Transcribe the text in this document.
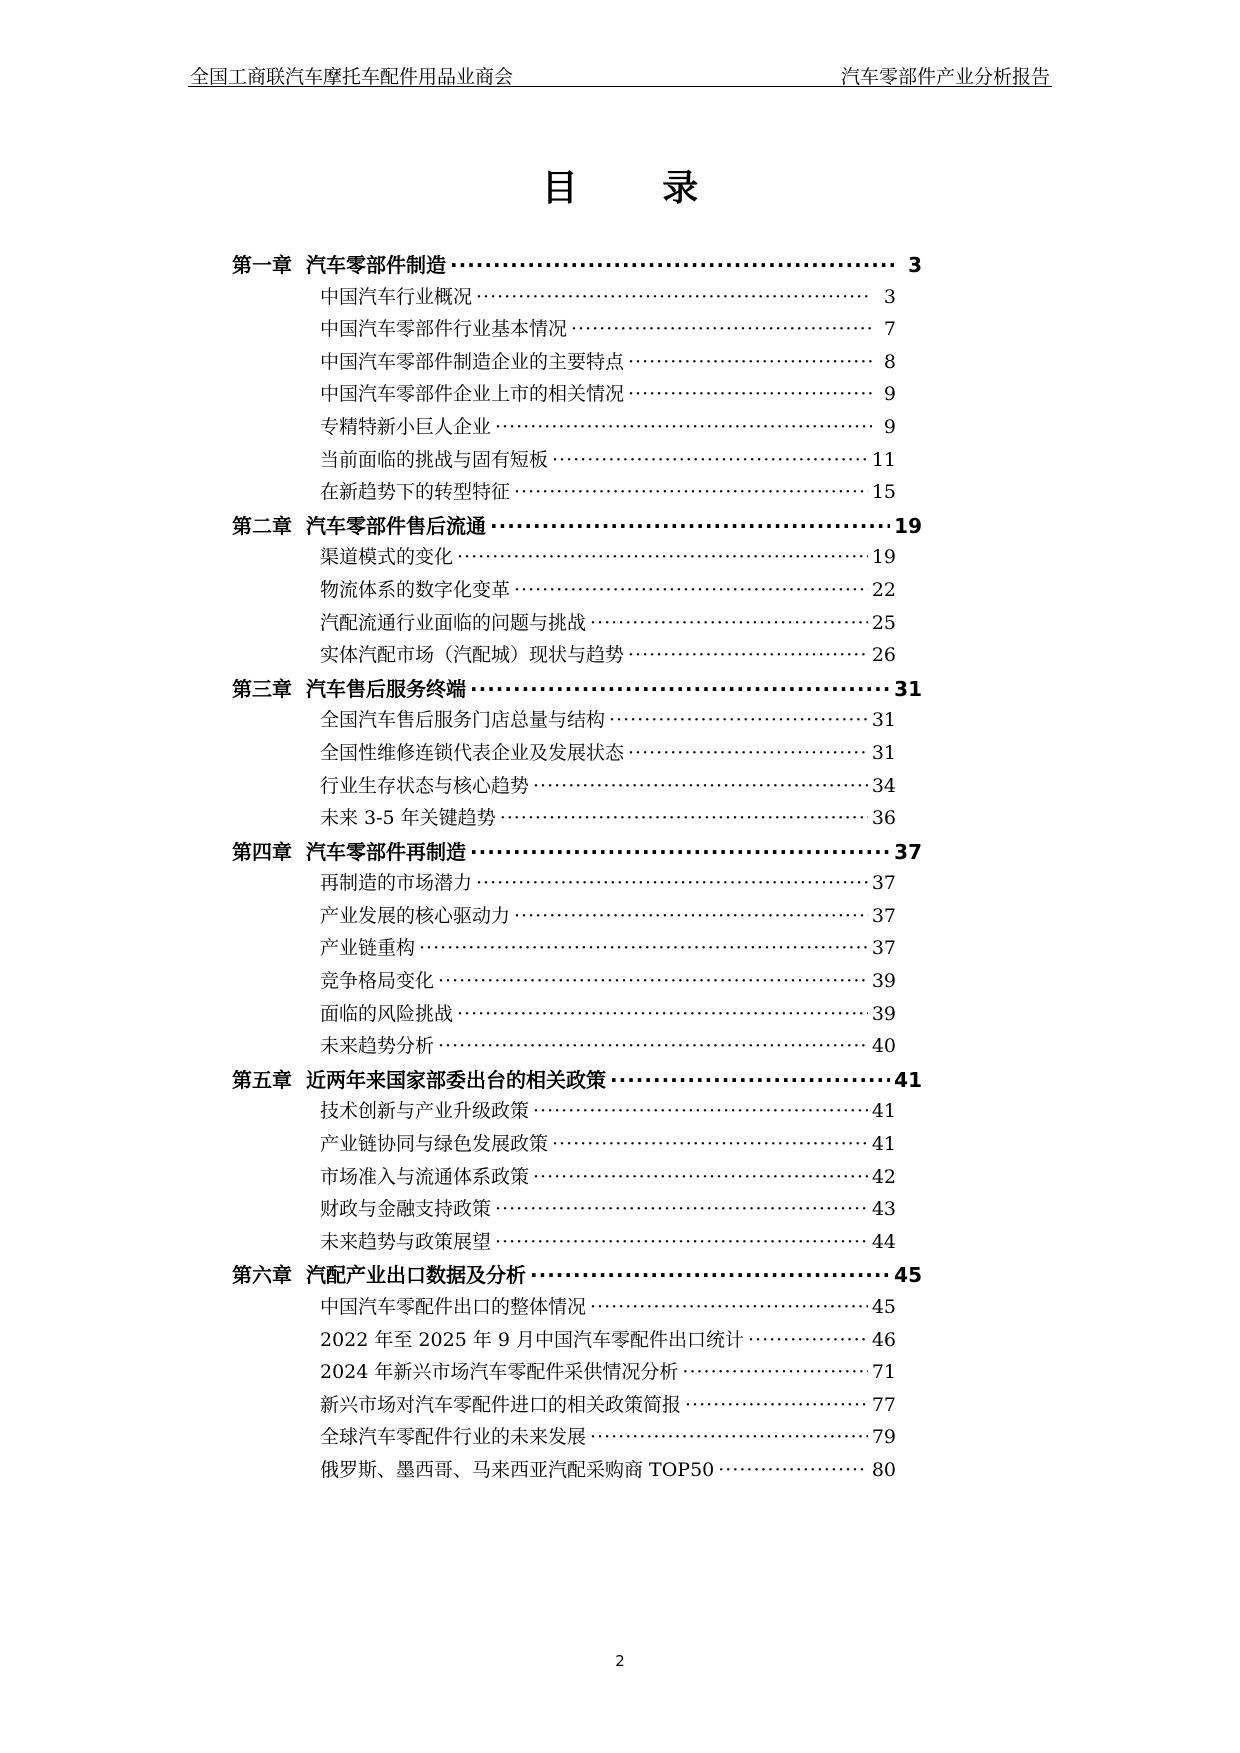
全国工商联汽车摩托车配件用品业商会	汽车零部件产业分析报告
目 录
第一章 汽车零部件制造 ·····	3
中国汽车行业概况 ·····	3
中国汽车零部件行业基本情况 ·····	7
中国汽车零部件制造企业的主要特点 ·····	8
中国汽车零部件企业上市的相关情况 ·····	9
专精特新小巨人企业 ·····	9
当前面临的挑战与固有短板 ·····	11
在新趋势下的转型特征 ·····	15
第二章 汽车零部件售后流通 ·····	19
渠道模式的变化 ·····	19
物流体系的数字化变革 ·····	22
汽配流通行业面临的问题与挑战 ·····	25
实体汽配市场（汽配城）现状与趋势 ·····	26
第三章 汽车售后服务终端 ·····	31
全国汽车售后服务门店总量与结构 ·····	31
全国性维修连锁代表企业及发展状态 ·····	31
行业生存状态与核心趋势 ·····	34
未来 3-5 年关键趋势 ·····	36
第四章 汽车零部件再制造 ·····	37
再制造的市场潜力 ·····	37
产业发展的核心驱动力 ·····	37
产业链重构 ·····	37
竞争格局变化 ·····	39
面临的风险挑战 ·····	39
未来趋势分析 ·····	40
第五章 近两年来国家部委出台的相关政策 ·····	41
技术创新与产业升级政策 ·····	41
产业链协同与绿色发展政策 ·····	41
市场准入与流通体系政策 ·····	42
财政与金融支持政策 ·····	43
未来趋势与政策展望 ·····	44
第六章 汽配产业出口数据及分析 ·····	45
中国汽车零配件出口的整体情况 ·····	45
2022 年至 2025 年 9 月中国汽车零配件出口统计 ·····	46
2024 年新兴市场汽车零配件采供情况分析 ·····	71
新兴市场对汽车零配件进口的相关政策简报 ·····	77
全球汽车零配件行业的未来发展 ·····	79
俄罗斯、墨西哥、马来西亚汽配采购商 TOP50 ·····	80
2
